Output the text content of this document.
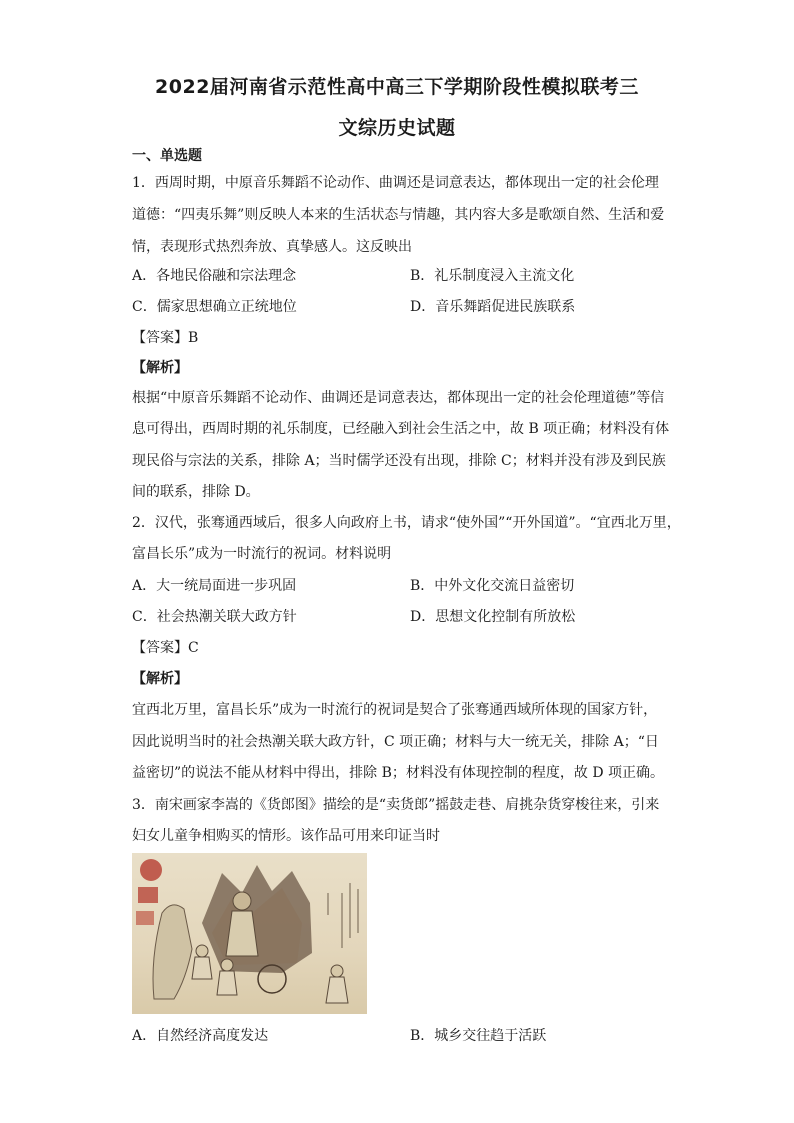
2022届河南省示范性高中高三下学期阶段性模拟联考三
文综历史试题
一、单选题
1．西周时期，中原音乐舞蹈不论动作、曲调还是词意表达，都体现出一定的社会伦理
道德：“四夷乐舞”则反映人本来的生活状态与情趣，其内容大多是歌颂自然、生活和爱
情，表现形式热烈奔放、真挚感人。这反映出
A．各地民俗融和宗法理念	B．礼乐制度浸入主流文化
C．儒家思想确立正统地位	D．音乐舞蹈促进民族联系
【答案】B
【解析】
根据“中原音乐舞蹈不论动作、曲调还是词意表达，都体现出一定的社会伦理道德”等信
息可得出，西周时期的礼乐制度，已经融入到社会生活之中，故 B 项正确；材料没有体
现民俗与宗法的关系，排除 A；当时儒学还没有出现，排除 C；材料并没有涉及到民族
间的联系，排除 D。
2．汉代，张骞通西域后，很多人向政府上书，请求“使外国”“开外国道”。“宜西北万里，
富昌长乐”成为一时流行的祝词。材料说明
A．大一统局面进一步巩固	B．中外文化交流日益密切
C．社会热潮关联大政方针	D．思想文化控制有所放松
【答案】C
【解析】
宜西北万里，富昌长乐”成为一时流行的祝词是契合了张骞通西域所体现的国家方针，
因此说明当时的社会热潮关联大政方针，C 项正确；材料与大一统无关，排除 A；“日
益密切”的说法不能从材料中得出，排除 B；材料没有体现控制的程度，故 D 项正确。
3．南宋画家李嵩的《货郎图》描绘的是“卖货郎”摇鼓走巷、肩挑杂货穿梭往来，引来
妇女儿童争相购买的情形。该作品可用来印证当时
A．自然经济高度发达	B．城乡交往趋于活跃
